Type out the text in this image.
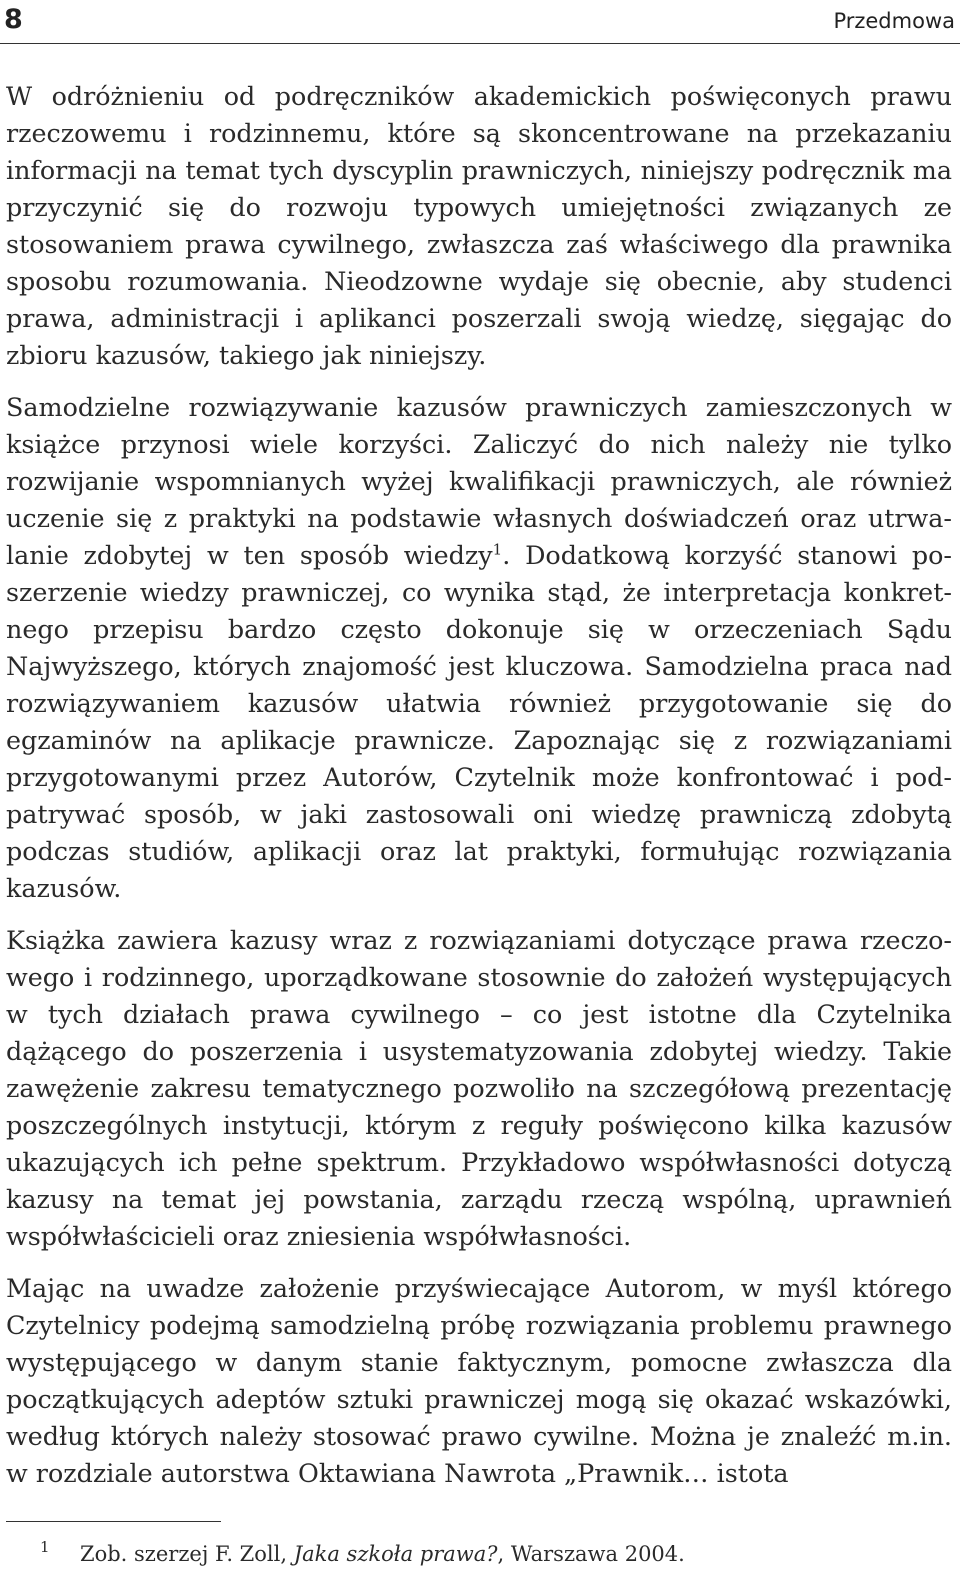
8	Przedmowa

W odróżnieniu od podręczników akademickich poświęconych prawu rzeczowemu i rodzinnemu, które są skoncentrowane na przekazaniu informacji na temat tych dyscyplin prawniczych, niniejszy podręcznik ma przyczynić się do rozwoju typowych umiejętności związanych ze stosowaniem prawa cywilnego, zwłaszcza zaś właściwego dla prawnika sposobu rozumowania. Nieodzowne wydaje się obecnie, aby studenci prawa, administracji i aplikanci poszerzali swoją wiedzę, sięgając do zbioru kazusów, takiego jak niniejszy.

Samodzielne rozwiązywanie kazusów prawniczych zamieszczonych w książce przynosi wiele korzyści. Zaliczyć do nich należy nie tylko rozwijanie wspomnianych wyżej kwalifikacji prawniczych, ale również uczenie się z praktyki na podstawie własnych doświadczeń oraz utrwalanie zdobytej w ten sposób wiedzy$^1$. Dodatkową korzyść stanowi poszerzenie wiedzy prawniczej, co wynika stąd, że interpretacja konkretnego przepisu bardzo często dokonuje się w orzeczeniach Sądu Najwyższego, których znajomość jest kluczowa. Samodzielna praca nad rozwiązywaniem kazusów ułatwia również przygotowanie się do egzaminów na aplikacje prawnicze. Zapoznając się z rozwiązaniami przygotowanymi przez Autorów, Czytelnik może konfrontować i podpatrywać sposób, w jaki zastosowali oni wiedzę prawniczą zdobytą podczas studiów, aplikacji oraz lat praktyki, formułując rozwiązania kazusów.

Książka zawiera kazusy wraz z rozwiązaniami dotyczące prawa rzeczowego i rodzinnego, uporządkowane stosownie do założeń występujących w tych działach prawa cywilnego – co jest istotne dla Czytelnika dążącego do poszerzenia i usystematyzowania zdobytej wiedzy. Takie zawężenie zakresu tematycznego pozwoliło na szczegółową prezentację poszczególnych instytucji, którym z reguły poświęcono kilka kazusów ukazujących ich pełne spektrum. Przykładowo współwłasności dotyczą kazusy na temat jej powstania, zarządu rzeczą wspólną, uprawnień współwłaścicieli oraz zniesienia współwłasności.

Mając na uwadze założenie przyświecające Autorom, w myśl którego Czytelnicy podejmą samodzielną próbę rozwiązania problemu prawnego występującego w danym stanie faktycznym, pomocne zwłaszcza dla początkujących adeptów sztuki prawniczej mogą się okazać wskazówki, według których należy stosować prawo cywilne. Można je znaleźć m.in. w rozdziale autorstwa Oktawiana Nawrota „Prawnik… istota

1 Zob. szerzej F. Zoll, Jaka szkoła prawa?, Warszawa 2004.
